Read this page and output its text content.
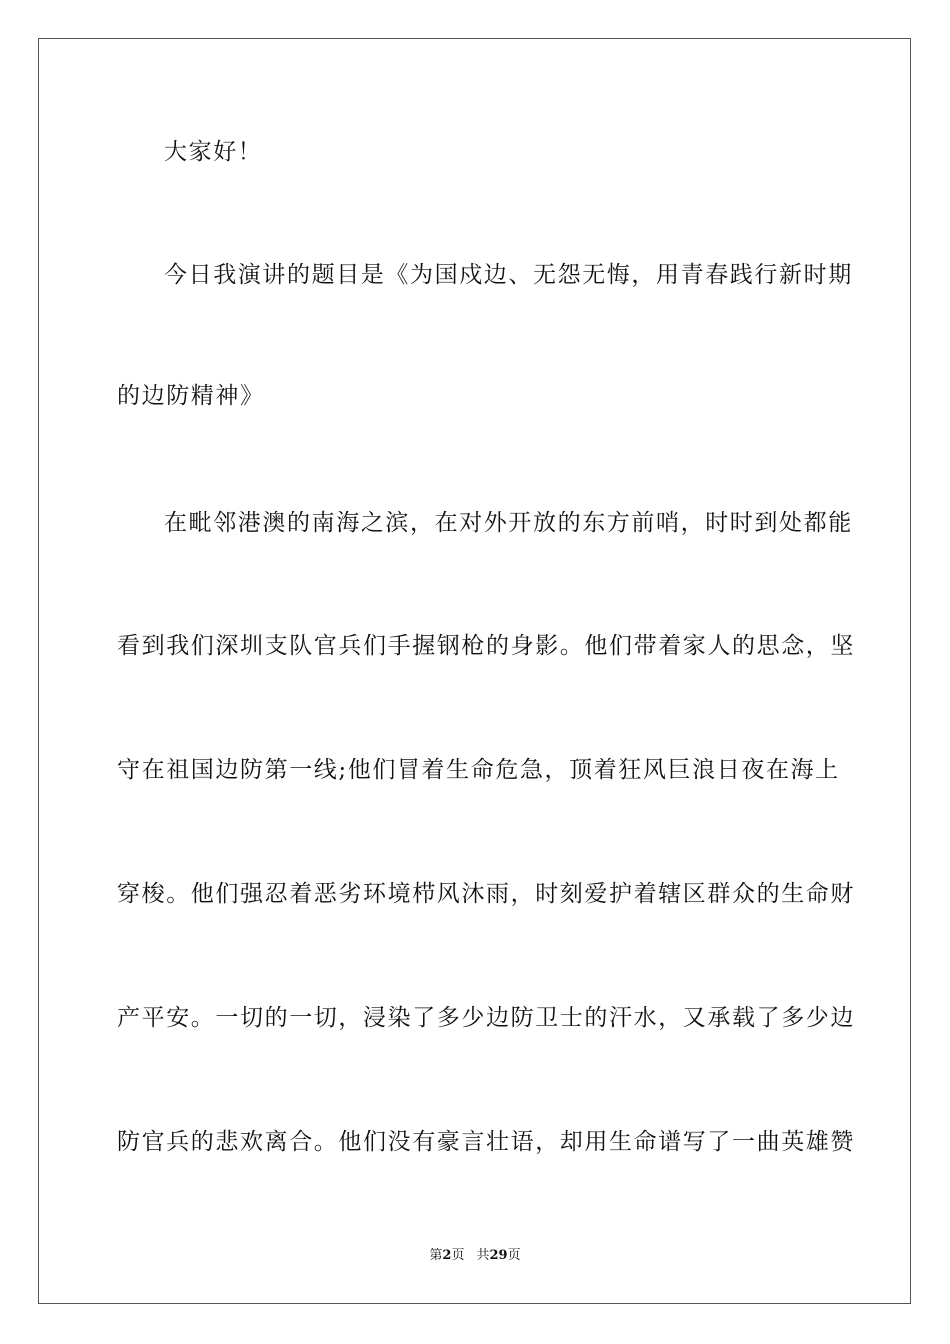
大家好！
今日我演讲的题目是《为国戍边、无怨无悔，用青春践行新时期
的边防精神》
在毗邻港澳的南海之滨，在对外开放的东方前哨，时时到处都能
看到我们深圳支队官兵们手握钢枪的身影。他们带着家人的思念，坚
守在祖国边防第一线;他们冒着生命危急，顶着狂风巨浪日夜在海上
穿梭。他们强忍着恶劣环境栉风沐雨，时刻爱护着辖区群众的生命财
产平安。一切的一切，浸染了多少边防卫士的汗水，又承载了多少边
防官兵的悲欢离合。他们没有豪言壮语，却用生命谱写了一曲英雄赞
第2页 共29页
